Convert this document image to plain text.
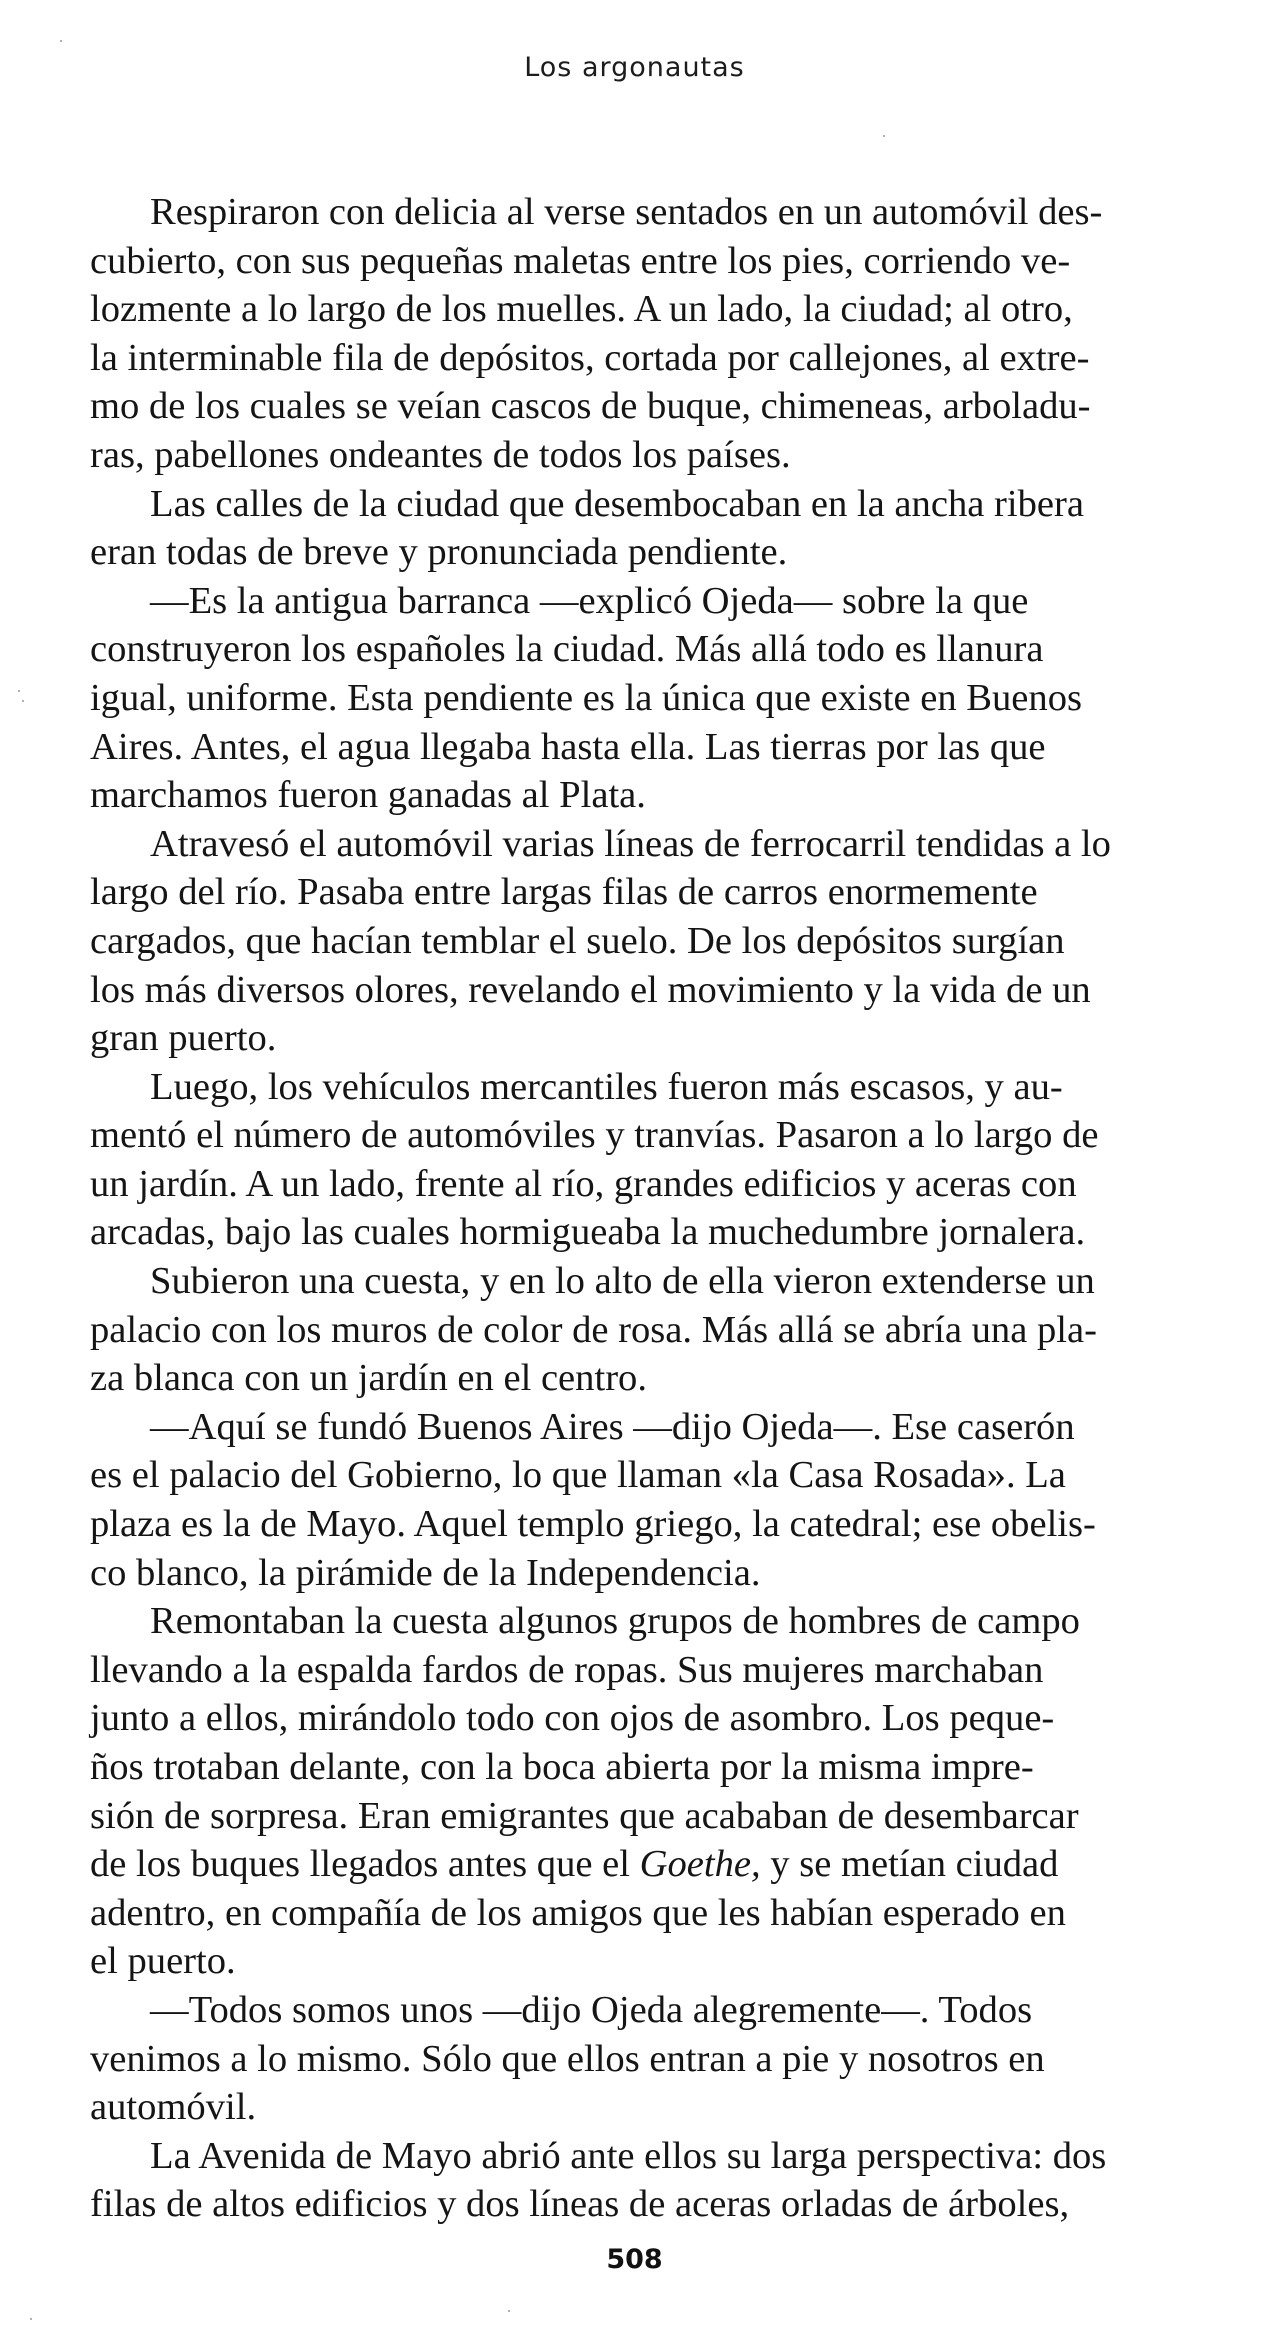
Los argonautas

Respiraron con delicia al verse sentados en un automóvil des-
cubierto, con sus pequeñas maletas entre los pies, corriendo ve-
lozmente a lo largo de los muelles. A un lado, la ciudad; al otro,
la interminable fila de depósitos, cortada por callejones, al extre-
mo de los cuales se veían cascos de buque, chimeneas, arboladu-
ras, pabellones ondeantes de todos los países.

Las calles de la ciudad que desembocaban en la ancha ribera
eran todas de breve y pronunciada pendiente.

—Es la antigua barranca —explicó Ojeda— sobre la que
construyeron los españoles la ciudad. Más allá todo es llanura
igual, uniforme. Esta pendiente es la única que existe en Buenos
Aires. Antes, el agua llegaba hasta ella. Las tierras por las que
marchamos fueron ganadas al Plata.

Atravesó el automóvil varias líneas de ferrocarril tendidas a lo
largo del río. Pasaba entre largas filas de carros enormemente
cargados, que hacían temblar el suelo. De los depósitos surgían
los más diversos olores, revelando el movimiento y la vida de un
gran puerto.

Luego, los vehículos mercantiles fueron más escasos, y au-
mentó el número de automóviles y tranvías. Pasaron a lo largo de
un jardín. A un lado, frente al río, grandes edificios y aceras con
arcadas, bajo las cuales hormigueaba la muchedumbre jornalera.

Subieron una cuesta, y en lo alto de ella vieron extenderse un
palacio con los muros de color de rosa. Más allá se abría una pla-
za blanca con un jardín en el centro.

—Aquí se fundó Buenos Aires —dijo Ojeda—. Ese caserón
es el palacio del Gobierno, lo que llaman «la Casa Rosada». La
plaza es la de Mayo. Aquel templo griego, la catedral; ese obelis-
co blanco, la pirámide de la Independencia.

Remontaban la cuesta algunos grupos de hombres de campo
llevando a la espalda fardos de ropas. Sus mujeres marchaban
junto a ellos, mirándolo todo con ojos de asombro. Los peque-
ños trotaban delante, con la boca abierta por la misma impre-
sión de sorpresa. Eran emigrantes que acababan de desembarcar
de los buques llegados antes que el Goethe, y se metían ciudad
adentro, en compañía de los amigos que les habían esperado en
el puerto.

—Todos somos unos —dijo Ojeda alegremente—. Todos
venimos a lo mismo. Sólo que ellos entran a pie y nosotros en
automóvil.

La Avenida de Mayo abrió ante ellos su larga perspectiva: dos
filas de altos edificios y dos líneas de aceras orladas de árboles,

508
